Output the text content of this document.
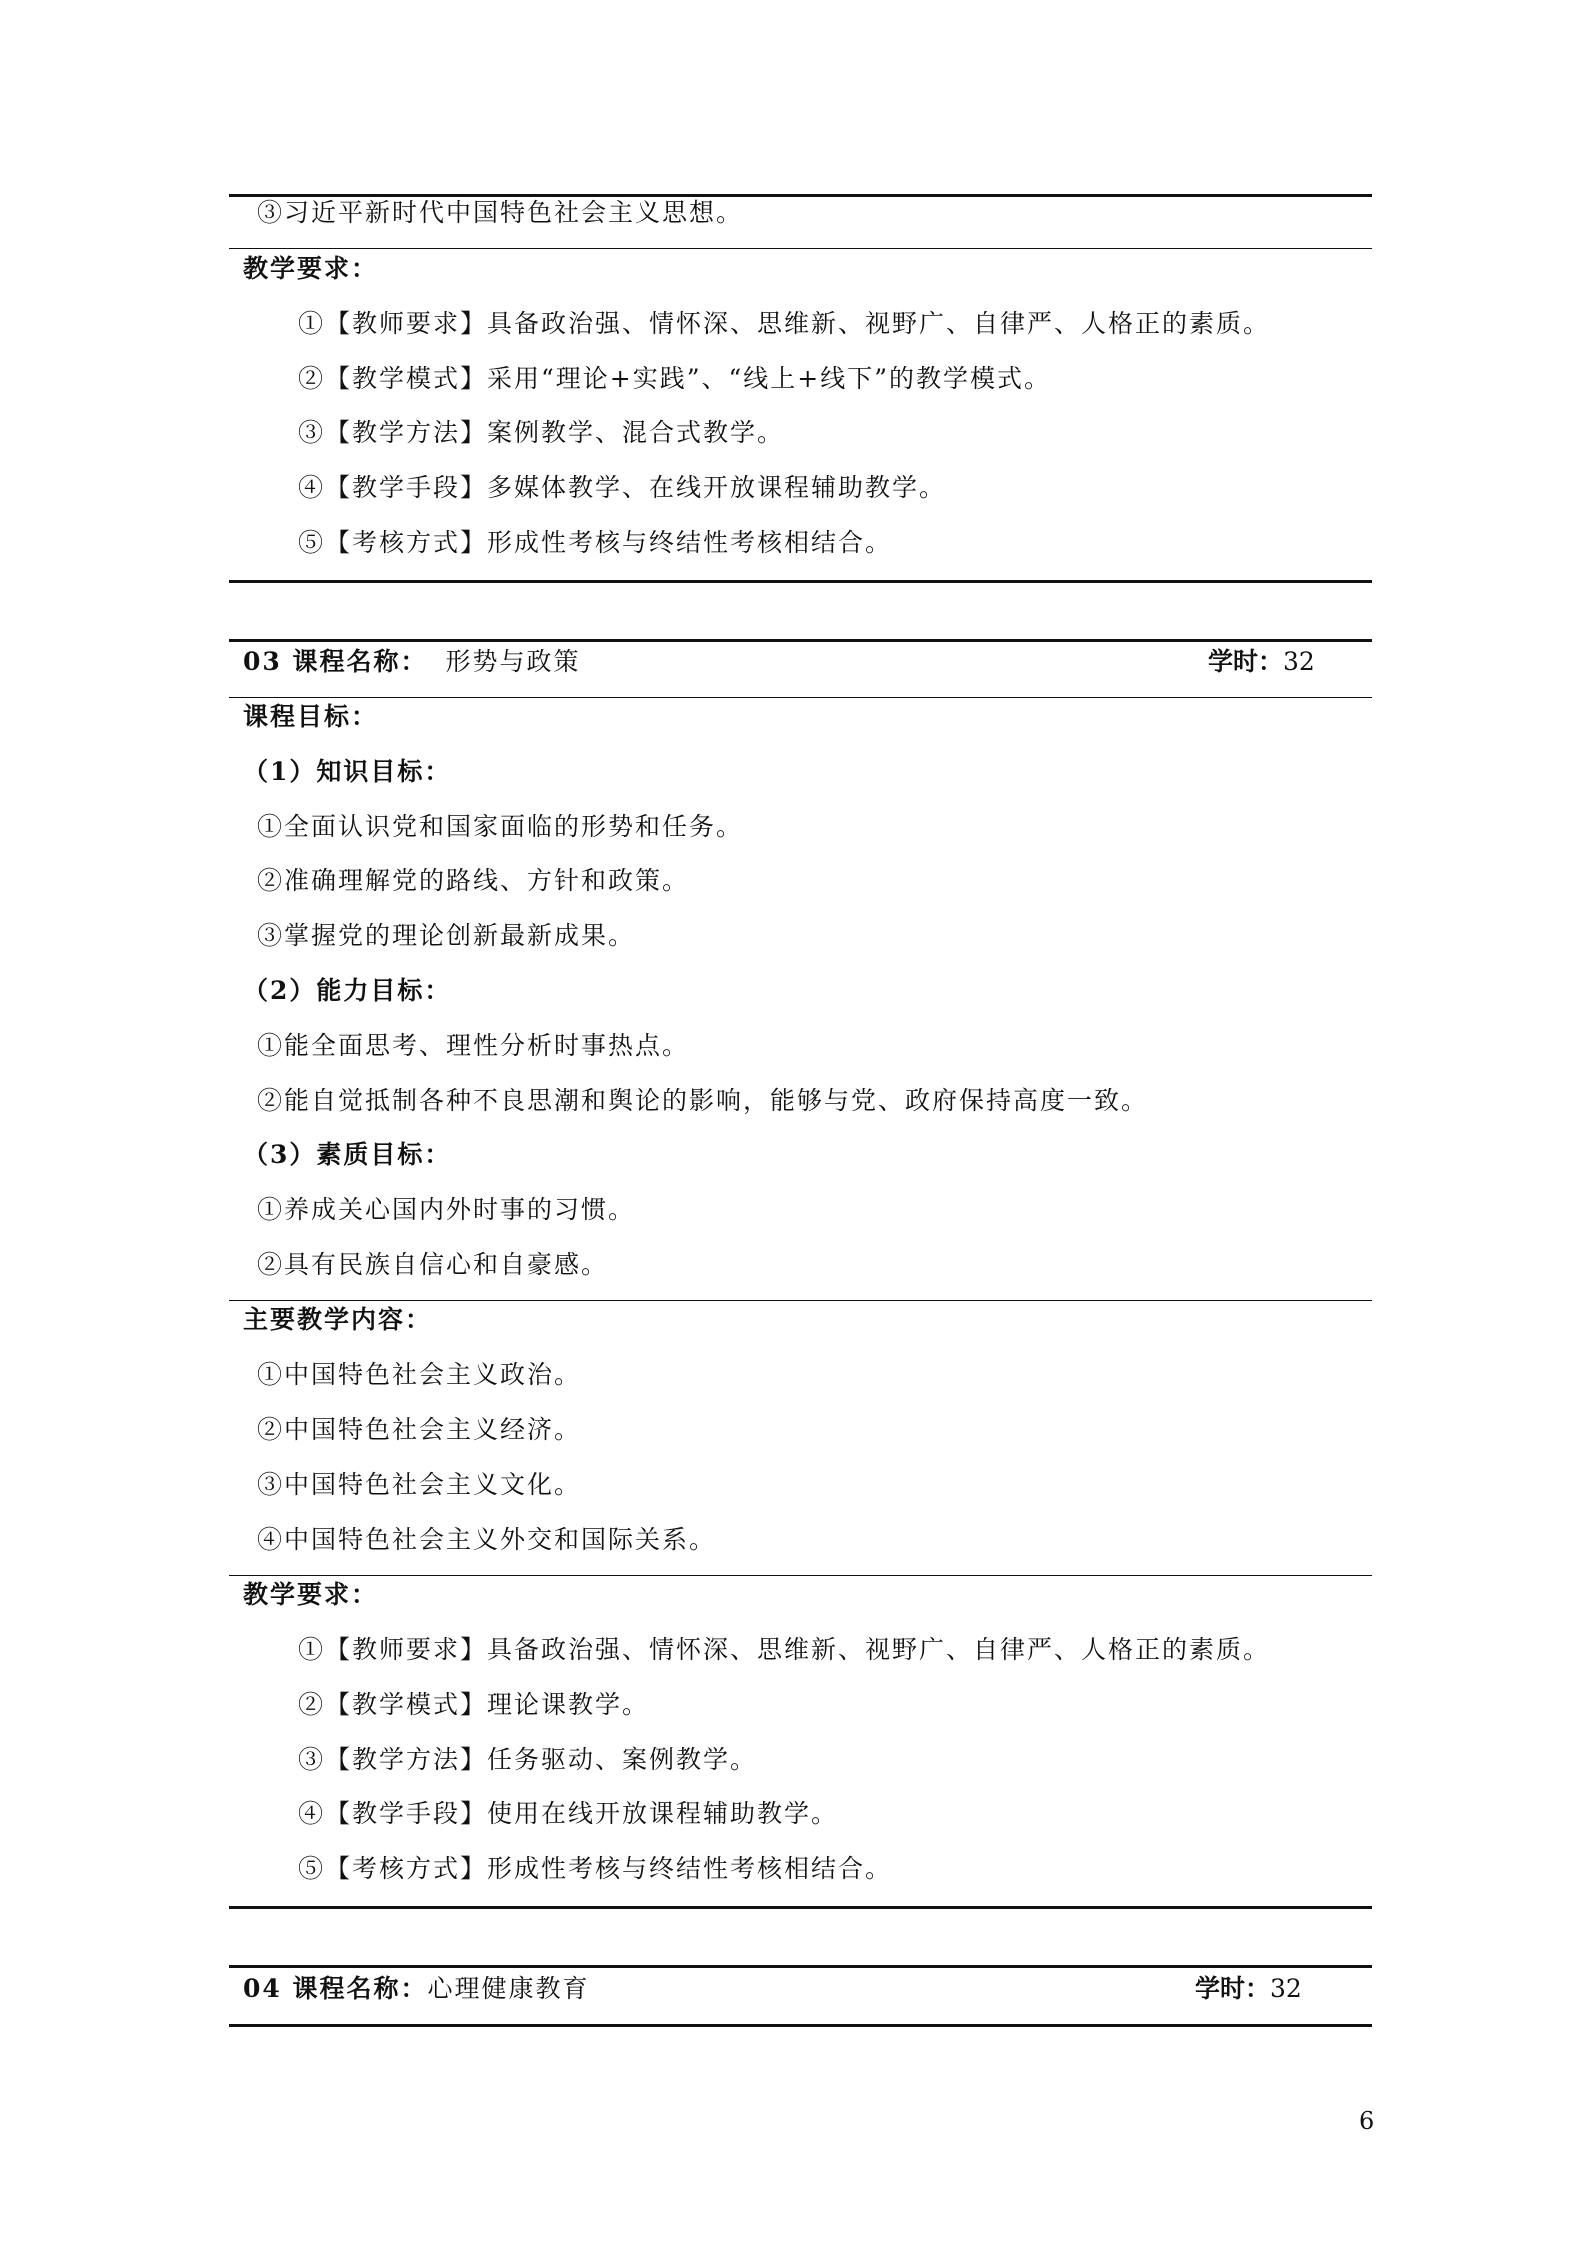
③习近平新时代中国特色社会主义思想。
教学要求：
①【教师要求】具备政治强、情怀深、思维新、视野广、自律严、人格正的素质。
②【教学模式】采用“理论+实践”、“线上+线下”的教学模式。
③【教学方法】案例教学、混合式教学。
④【教学手段】多媒体教学、在线开放课程辅助教学。
⑤【考核方式】形成性考核与终结性考核相结合。
03 课程名称： 形势与政策	学时：32
课程目标：
（1）知识目标：
①全面认识党和国家面临的形势和任务。
②准确理解党的路线、方针和政策。
③掌握党的理论创新最新成果。
（2）能力目标：
①能全面思考、理性分析时事热点。
②能自觉抵制各种不良思潮和舆论的影响，能够与党、政府保持高度一致。
（3）素质目标：
①养成关心国内外时事的习惯。
②具有民族自信心和自豪感。
主要教学内容：
①中国特色社会主义政治。
②中国特色社会主义经济。
③中国特色社会主义文化。
④中国特色社会主义外交和国际关系。
教学要求：
①【教师要求】具备政治强、情怀深、思维新、视野广、自律严、人格正的素质。
②【教学模式】理论课教学。
③【教学方法】任务驱动、案例教学。
④【教学手段】使用在线开放课程辅助教学。
⑤【考核方式】形成性考核与终结性考核相结合。
04 课程名称：心理健康教育	学时：32
6
